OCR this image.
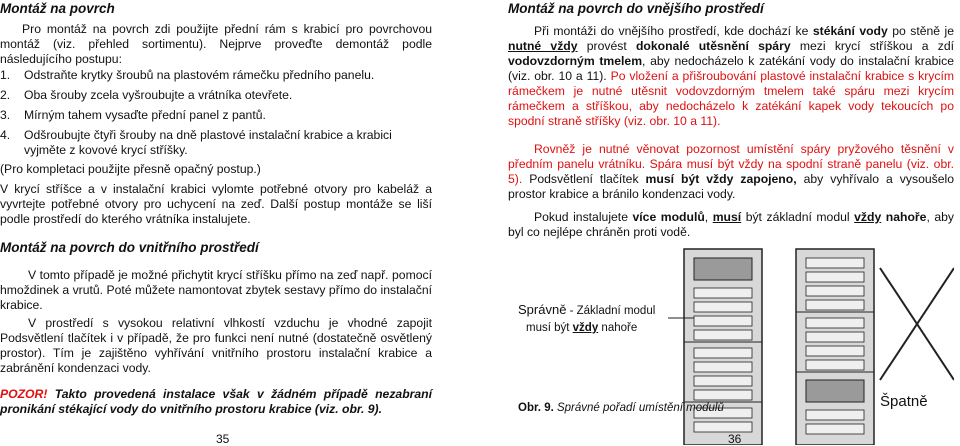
Montáž na povrch

Pro montáž na povrch zdi použijte přední rám s krabicí pro povrchovou montáž (viz. přehled sortimentu). Nejprve proveďte demontáž podle následujícího postupu:

1. Odstraňte krytky šroubů na plastovém rámečku předního panelu.
2. Oba šrouby zcela vyšroubujte a vrátníka otevřete.
3. Mírným tahem vysaďte přední panel z pantů.
4. Odšroubujte čtyři šrouby na dně plastové instalační krabice a krabici
vyjměte z kovové krycí stříšky.
(Pro kompletaci použijte přesně opačný postup.)

V krycí stříšce a v instalační krabici vylomte potřebné otvory pro kabeláž a vyvrtejte potřebné otvory pro uchycení na zeď. Další postup montáže se liší podle prostředí do kterého vrátníka instalujete.

Montáž na povrch do vnitřního prostředí

V tomto případě je možné přichytit krycí stříšku přímo na zeď např. pomocí hmoždinek a vrutů. Poté můžete namontovat zbytek sestavy přímo do instalační krabice.

V prostředí s vysokou relativní vlhkostí vzduchu je vhodné zapojit Podsvětlení tlačítek i v případě, že pro funkci není nutné (dostatečně osvětlený prostor). Tím je zajištěno vyhřívání vnitřního prostoru instalační krabice a zabránění kondenzaci vody.

POZOR! Takto provedená instalace však v žádném případě nezabraní pronikání stékající vody do vnitřního prostoru krabice (viz. obr. 9).

35
Montáž na povrch do vnějšího prostředí

Při montáži do vnějšího prostředí, kde dochází ke stékání vody po stěně je nutné vždy provést dokonalé utěsnění spáry mezi krycí stříškou a zdí vodovzdorným tmelem, aby nedocházelo k zatékání vody do instalační krabice (viz. obr. 10 a 11). Po vložení a přišroubování plastové instalační krabice s krycím rámečkem je nutné utěsnit vodovzdorným tmelem také spáru mezi krycím rámečkem a stříškou, aby nedocházelo k zatékání kapek vody tekoucích po spodní straně stříšky (viz. obr. 10 a 11).

Rovněž je nutné věnovat pozornost umístění spáry pryžového těsnění v předním panelu vrátníku. Spára musí být vždy na spodní straně panelu (viz. obr. 5). Podsvětlení tlačítek musí být vždy zapojeno, aby vyhřívalo a vysoušelo prostor krabice a bránilo kondenzaci vody.

Pokud instalujete více modulů, musí být základní modul vždy nahoře, aby byl co nejlépe chráněn proti vodě.

Správně - Základní modul
musí být vždy nahoře
Špatně
Obr. 9. Správné pořadí umístění modulů
36
